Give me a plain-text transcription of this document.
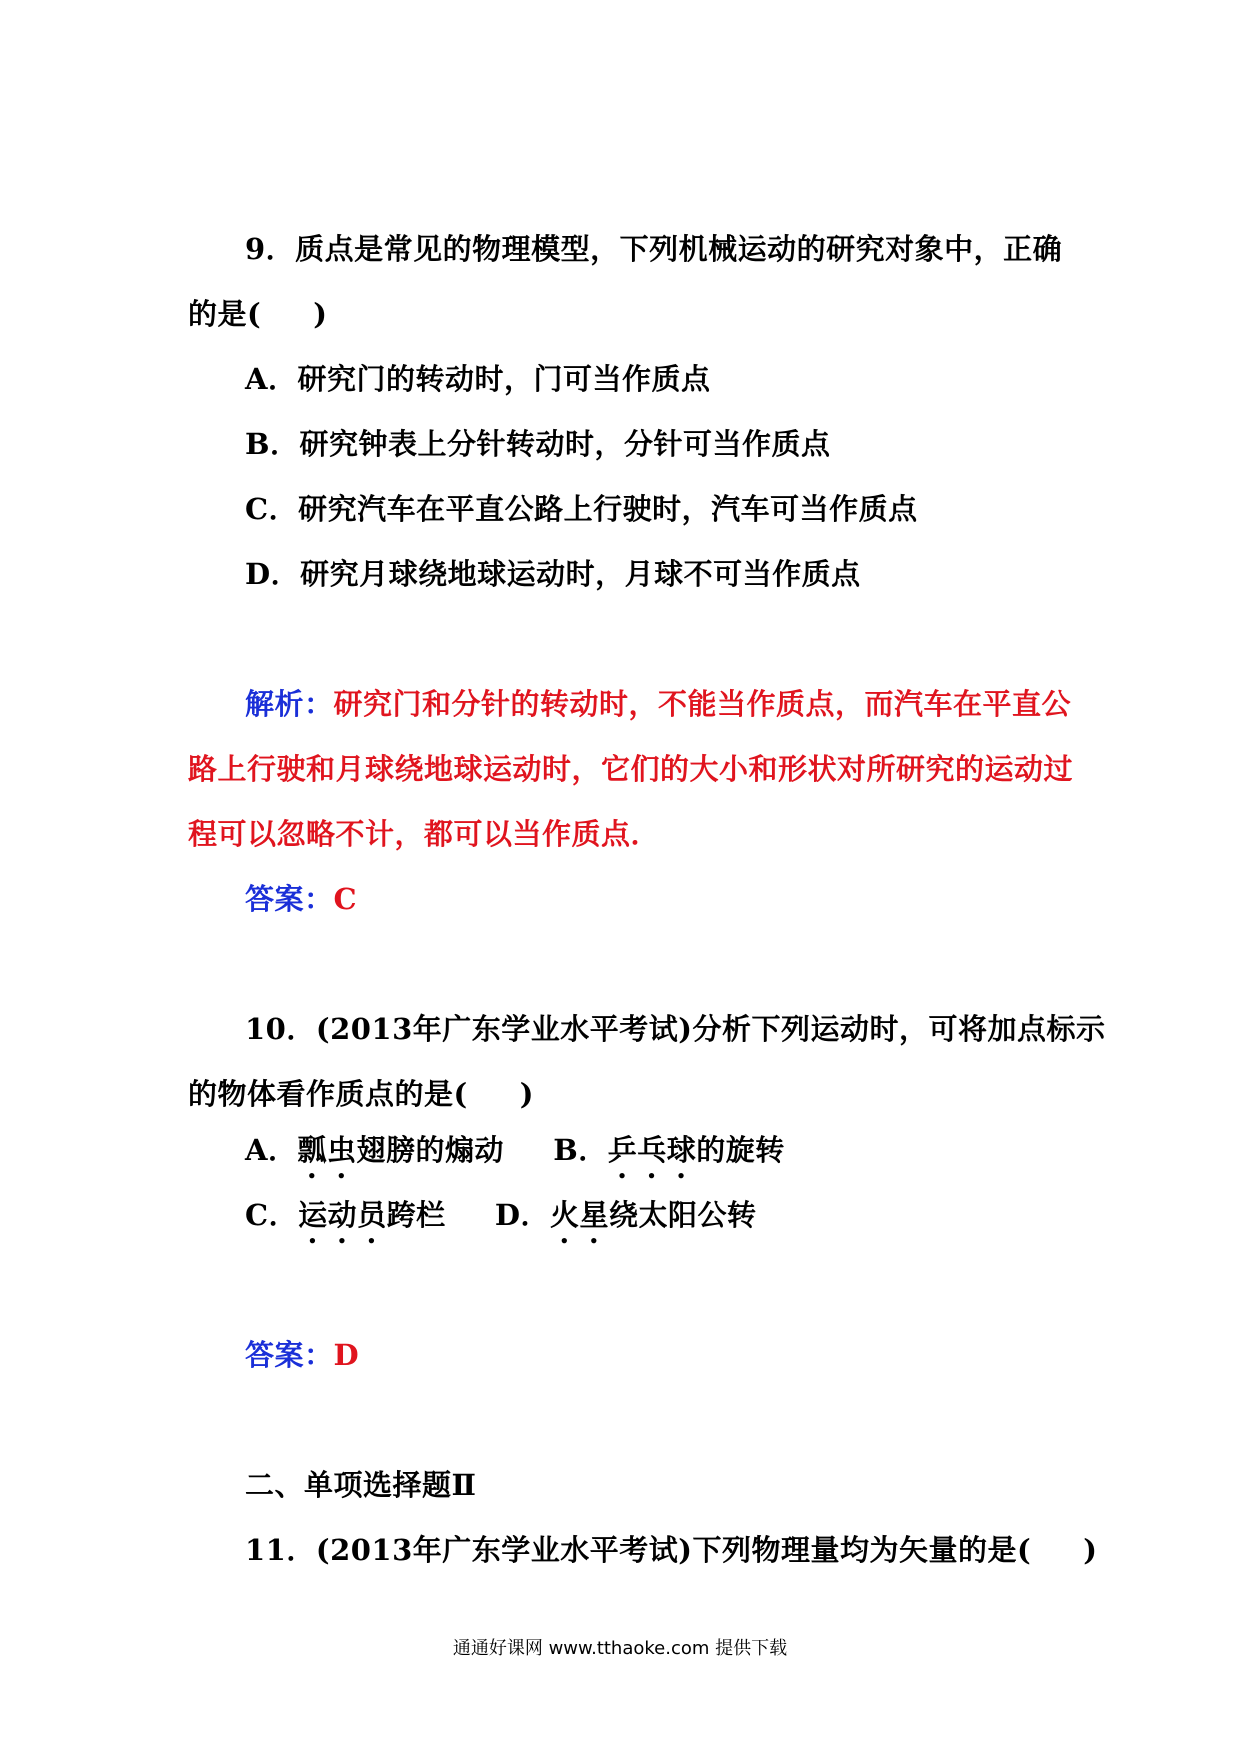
9．质点是常见的物理模型，下列机械运动的研究对象中，正确
的是( )
A．研究门的转动时，门可当作质点
B．研究钟表上分针转动时，分针可当作质点
C．研究汽车在平直公路上行驶时，汽车可当作质点
D．研究月球绕地球运动时，月球不可当作质点
解析：研究门和分针的转动时，不能当作质点，而汽车在平直公
路上行驶和月球绕地球运动时，它们的大小和形状对所研究的运动过
程可以忽略不计，都可以当作质点．
答案：C
10．(2013年广东学业水平考试)分析下列运动时，可将加点标示
的物体看作质点的是( )
A．瓢虫翅膀的煽动 B．乒乓球的旋转
C．运动员跨栏 D．火星绕太阳公转
答案：D
二、单项选择题Ⅱ
11．(2013年广东学业水平考试)下列物理量均为矢量的是( )
通通好课网 www.tthaoke.com 提供下载
